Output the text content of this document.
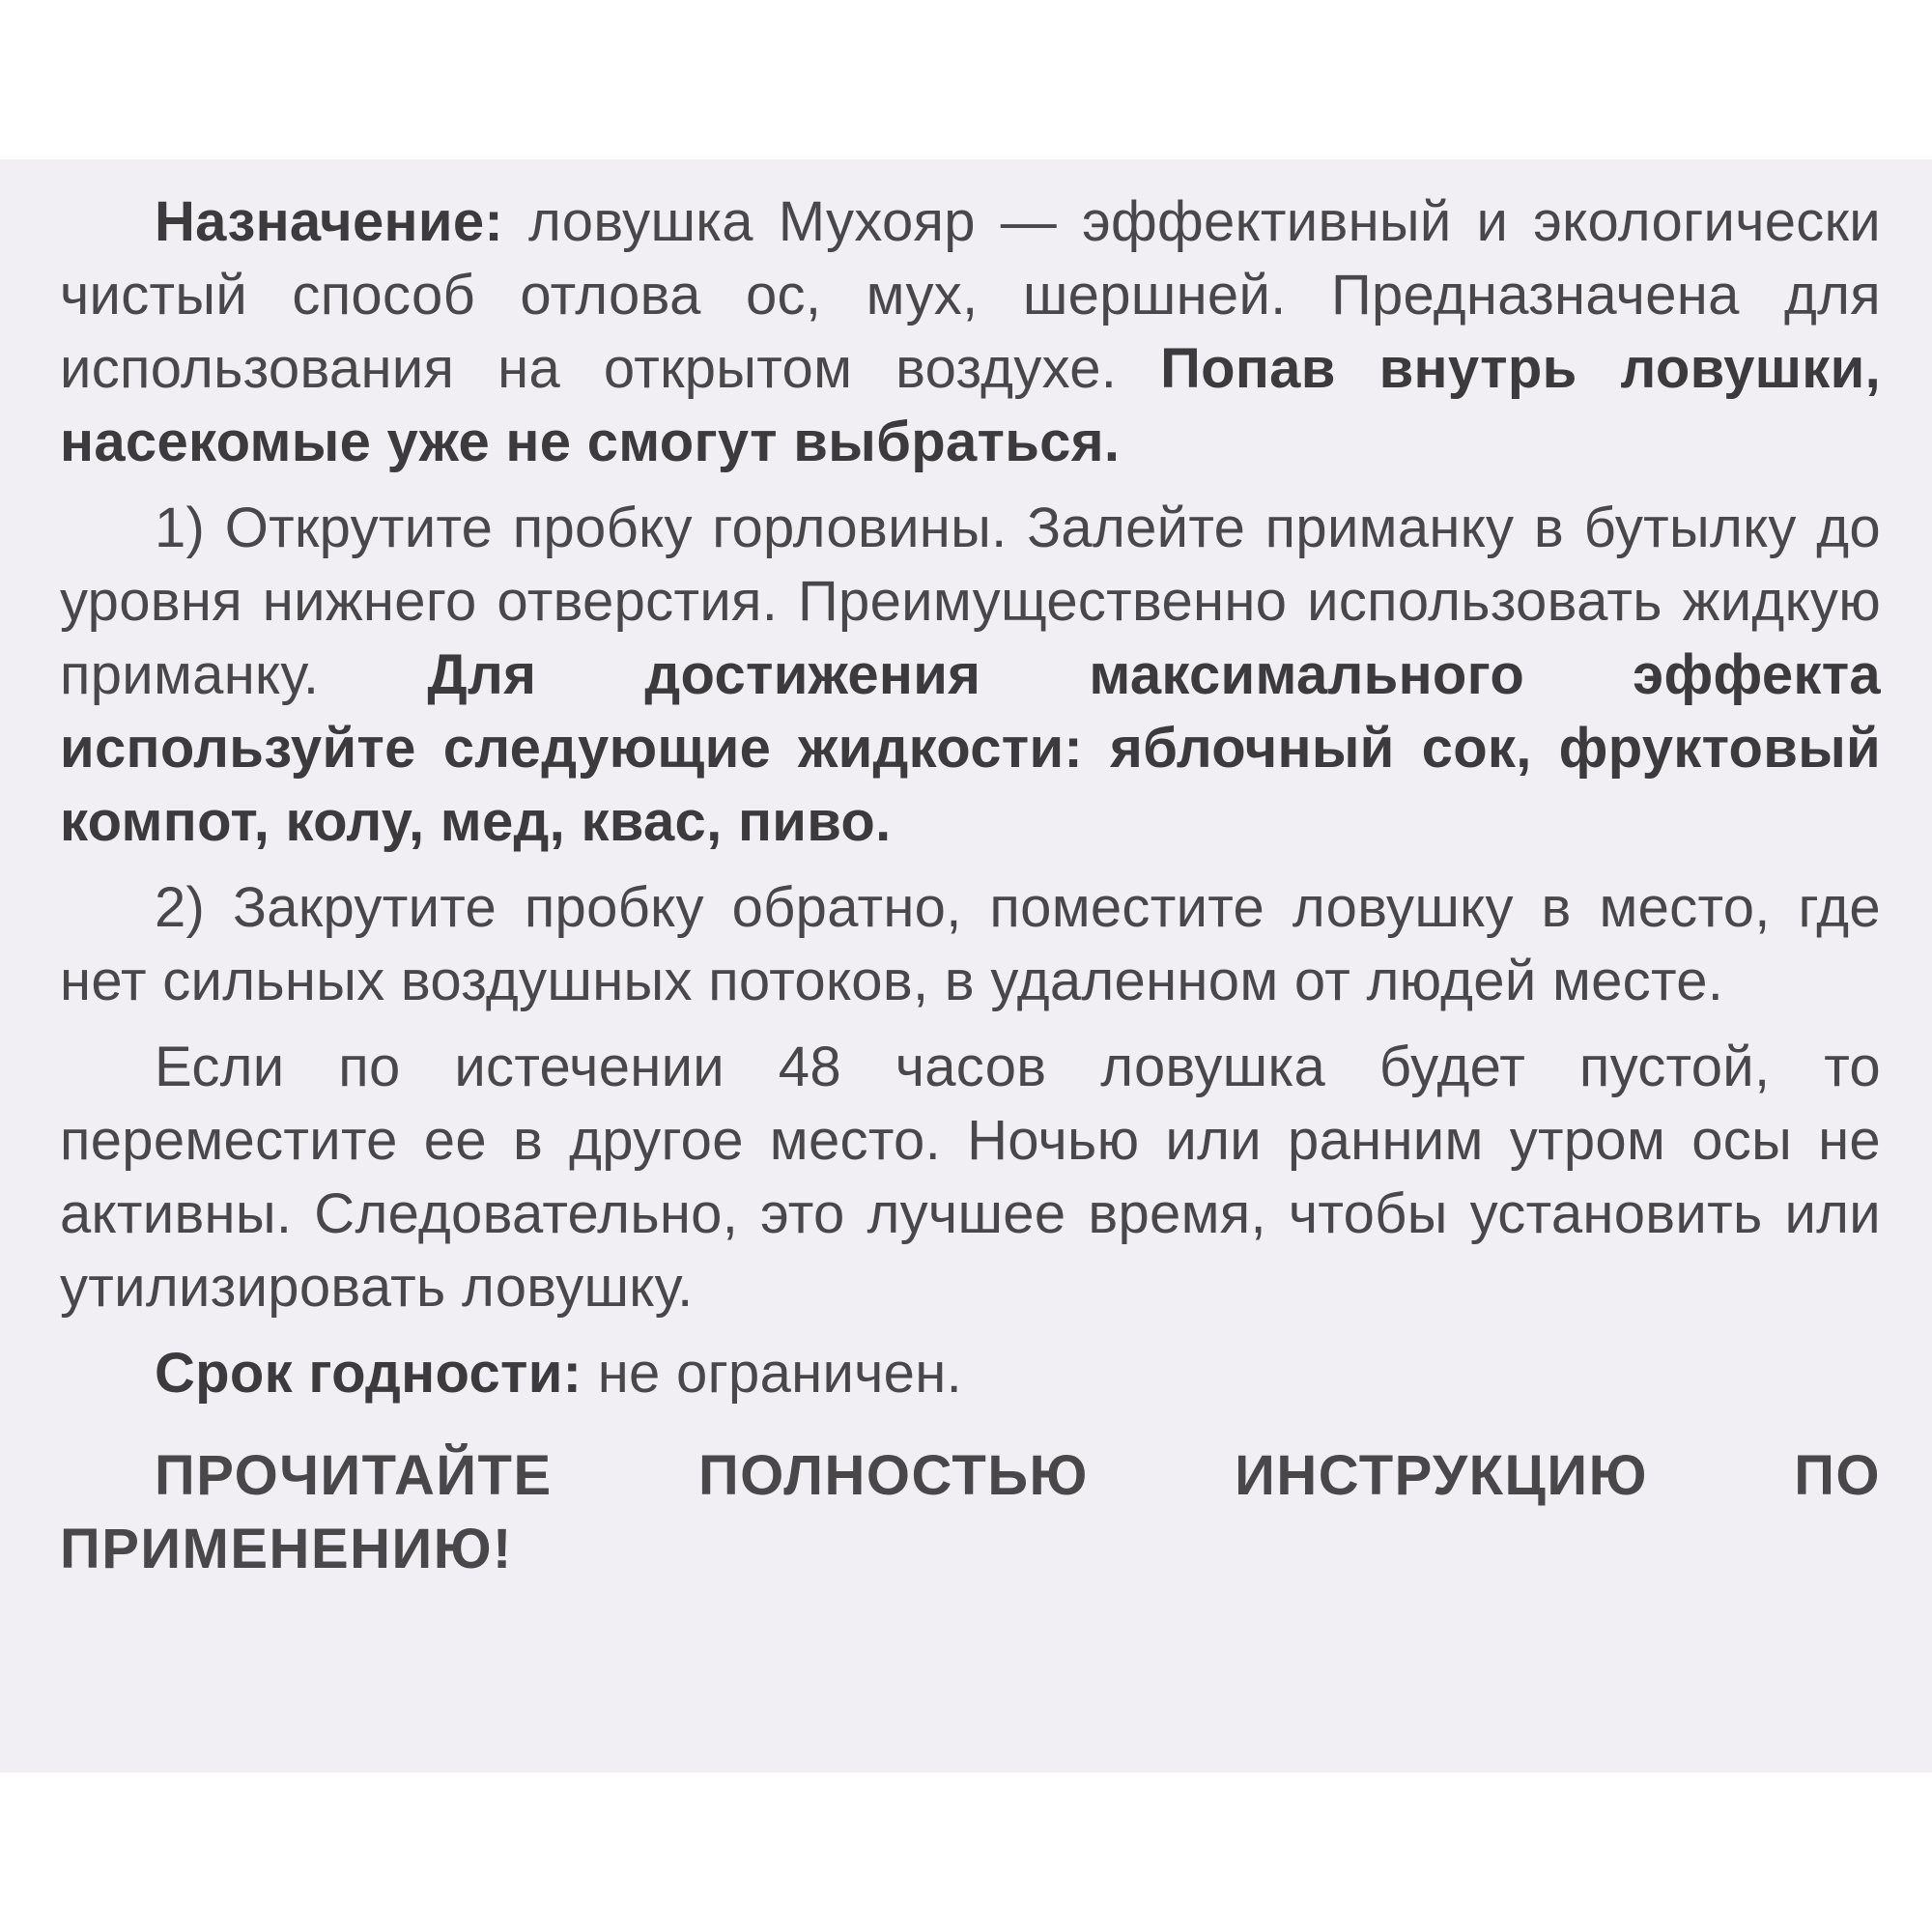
Назначение: ловушка Мухояр — эффективный и экологически чистый способ отлова ос, мух, шершней. Предназначена для использования на открытом воздухе. Попав внутрь ловушки, насекомые уже не смогут выбраться.

1) Открутите пробку горловины. Залейте приманку в бутылку до уровня нижнего отверстия. Преимущественно использовать жидкую приманку. Для достижения максимального эффекта используйте следующие жидкости: яблочный сок, фруктовый компот, колу, мед, квас, пиво.

2) Закрутите пробку обратно, поместите ловушку в место, где нет сильных воздушных потоков, в удаленном от людей месте.

Если по истечении 48 часов ловушка будет пустой, то переместите ее в другое место. Ночью или ранним утром осы не активны. Следовательно, это лучшее время, чтобы установить или утилизировать ловушку.

Срок годности: не ограничен.

ПРОЧИТАЙТЕ ПОЛНОСТЬЮ ИНСТРУКЦИЮ ПО ПРИМЕНЕНИЮ!
